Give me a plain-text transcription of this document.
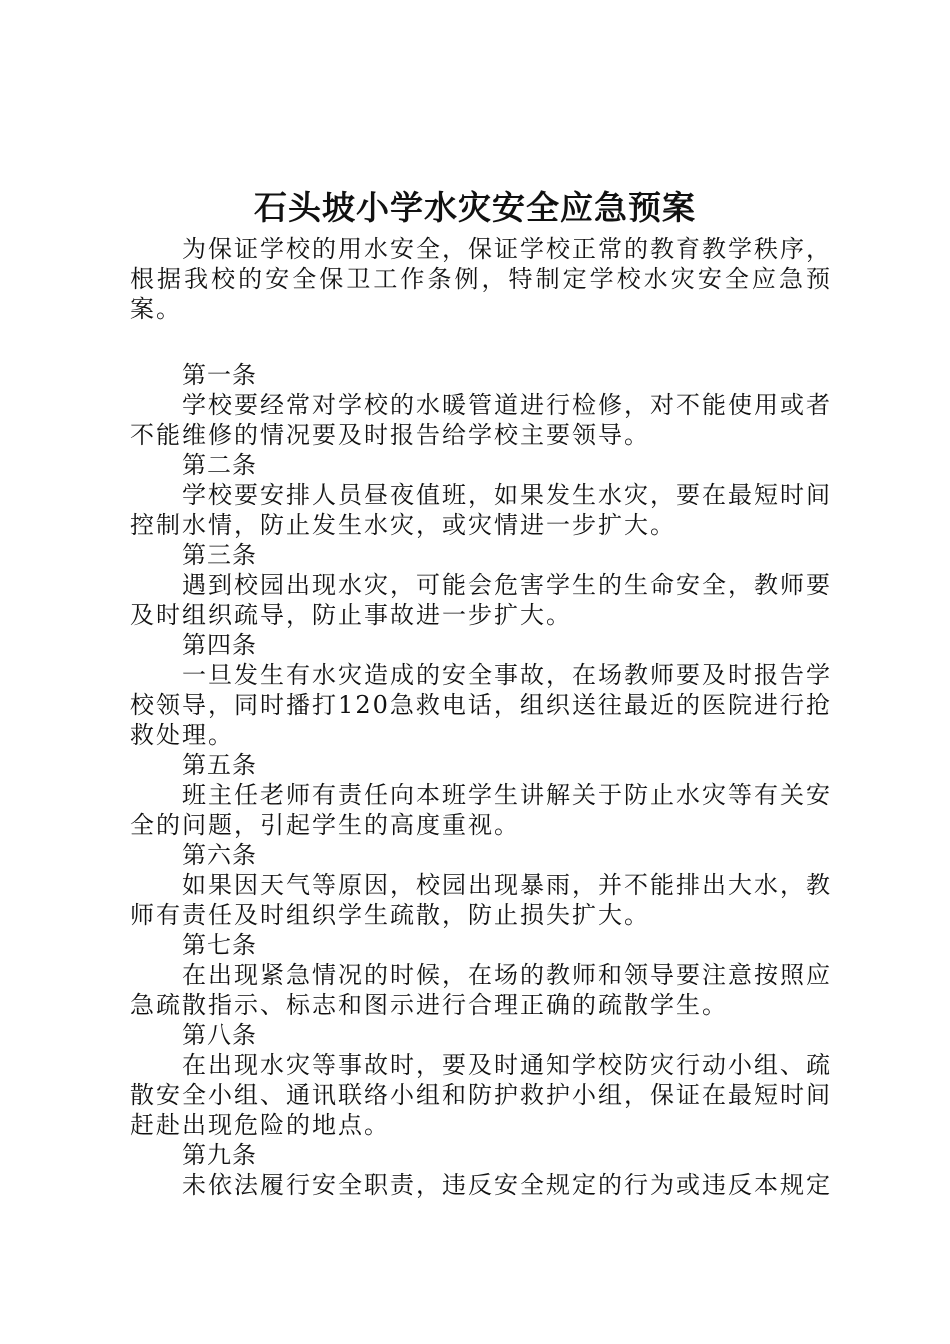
石头坡小学水灾安全应急预案

为保证学校的用水安全，保证学校正常的教育教学秩序，根据我校的安全保卫工作条例，特制定学校水灾安全应急预案。

第一条

学校要经常对学校的水暖管道进行检修，对不能使用或者不能维修的情况要及时报告给学校主要领导。

第二条

学校要安排人员昼夜值班，如果发生水灾，要在最短时间控制水情，防止发生水灾，或灾情进一步扩大。

第三条

遇到校园出现水灾，可能会危害学生的生命安全，教师要及时组织疏导，防止事故进一步扩大。

第四条

一旦发生有水灾造成的安全事故，在场教师要及时报告学校领导，同时播打120急救电话，组织送往最近的医院进行抢救处理。

第五条

班主任老师有责任向本班学生讲解关于防止水灾等有关安全的问题，引起学生的高度重视。

第六条

如果因天气等原因，校园出现暴雨，并不能排出大水，教师有责任及时组织学生疏散，防止损失扩大。

第七条

在出现紧急情况的时候，在场的教师和领导要注意按照应急疏散指示、标志和图示进行合理正确的疏散学生。

第八条

在出现水灾等事故时，要及时通知学校防灾行动小组、疏散安全小组、通讯联络小组和防护救护小组，保证在最短时间赶赴出现危险的地点。

第九条

未依法履行安全职责，违反安全规定的行为或违反本规定
